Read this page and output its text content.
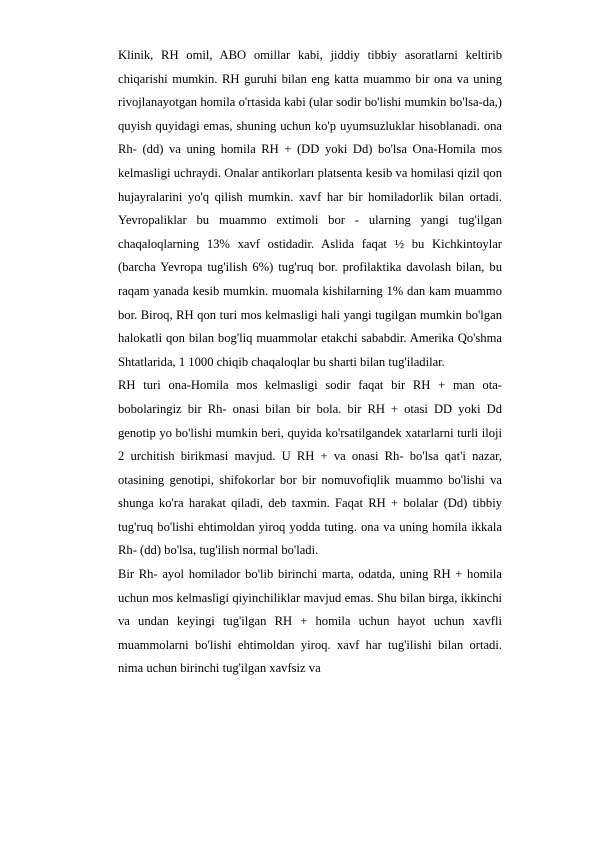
Klinik, RH omil, ABO omillar kabi, jiddiy tibbiy asoratlarni keltirib chiqarishi mumkin. RH guruhi bilan eng katta muammo bir ona va uning rivojlanayotgan homila o'rtasida kabi (ular sodir bo'lishi mumkin bo'lsa-da,) quyish quyidagi emas, shuning uchun ko'p uyumsuzluklar hisoblanadi. ona Rh- (dd) va uning homila RH + (DD yoki Dd) bo'lsa Ona-Homila mos kelmasligi uchraydi. Onalar antikorları platsenta kesib va homilasi qizil qon hujayralarini yo'q qilish mumkin. xavf har bir homiladorlik bilan ortadi. Yevropaliklar bu muammo extimoli bor - ularning yangi tug'ilgan chaqaloqlarning 13% xavf ostidadir. Aslida faqat ½ bu Kichkintoylar (barcha Yevropa tug'ilish 6%) tug'ruq bor. profilaktika davolash bilan, bu raqam yanada kesib mumkin. muomala kishilarning 1% dan kam muammo bor. Biroq, RH qon turi mos kelmasligi hali yangi tugilgan mumkin bo'lgan halokatli qon bilan bog'liq muammolar etakchi sababdir. Amerika Qo'shma Shtatlarida, 1 1000 chiqib chaqaloqlar bu sharti bilan tug'iladilar.

RH turi ona-Homila mos kelmasligi sodir faqat bir RH + man ota-bobolaringiz bir Rh- onasi bilan bir bola. bir RH + otasi DD yoki Dd genotip yo bo'lishi mumkin beri, quyida ko'rsatilgandek xatarlarni turli iloji 2 urchitish birikmasi mavjud. U RH + va onasi Rh- bo'lsa qat'i nazar, otasining genotipi, shifokorlar bor bir nomuvofiqlik muammo bo'lishi va shunga ko'ra harakat qiladi, deb taxmin. Faqat RH + bolalar (Dd) tibbiy tug'ruq bo'lishi ehtimoldan yiroq yodda tuting. ona va uning homila ikkala Rh- (dd) bo'lsa, tug'ilish normal bo'ladi.

Bir Rh- ayol homilador bo'lib birinchi marta, odatda, uning RH + homila uchun mos kelmasligi qiyinchiliklar mavjud emas. Shu bilan birga, ikkinchi va undan keyingi tug'ilgan RH + homila uchun hayot uchun xavfli muammolarni bo'lishi ehtimoldan yiroq. xavf har tug'ilishi bilan ortadi. nima uchun birinchi tug'ilgan xavfsiz va
